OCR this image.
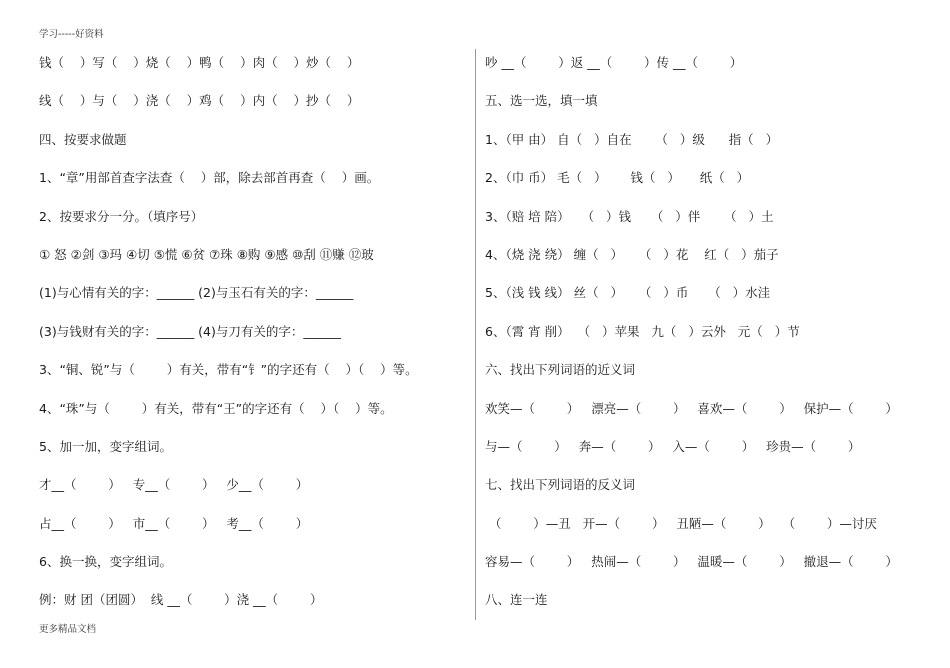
学习-----好资料
钱（    ）写（    ）烧（    ）鸭（    ）肉（    ）炒（    ）
线（    ）与（    ）浇（    ）鸡（    ）内（    ）抄（    ）
四、按要求做题
1、“章”用部首查字法查（    ）部，除去部首再查（    ）画。
2、按要求分一分。（填序号）
① 怒 ②剑 ③玛 ④切 ⑤慌 ⑥贫 ⑦珠 ⑧购 ⑨感 ⑩刮 ⑪赚 ⑫玻
(1)与心情有关的字：______ (2)与玉石有关的字：______
(3)与钱财有关的字：______ (4)与刀有关的字：______
3、“铜、锐”与（        ）有关，带有“钅”的字还有（    ）（    ）等。
4、“珠”与（        ）有关，带有“王”的字还有（    ）（    ）等。
5、加一加，变字组词。
才__（        ）   专__（        ）   少__（        ）
占__（        ）   市__（        ）   考__（        ）
6、换一换，变字组词。
例：财 团（团圆）  线 __（        ）浇 __（        ）
吵 __（        ）返 __（        ）传 __（        ）
五、选一选，填一填
1、（甲 由） 自（   ）自在      （   ）级      指（   ）
2、（巾 币） 毛（   ）      钱（   ）     纸（   ）
3、（赔 培 陪）   （   ）钱     （   ）伴      （   ）土
4、（烧 浇 绕） 缠（   ）    （   ）花    红（   ）茄子
5、（浅 钱 线） 丝（   ）    （   ）币     （   ）水洼
6、（霄 宵 削）  （   ）苹果   九（   ）云外   元（   ）节
六、找出下列词语的近义词
欢笑—（        ）   漂亮—（        ）   喜欢—（        ）   保护—（        ）
与—（        ）   奔—（        ）   入—（        ）   珍贵—（        ）
七、找出下列词语的反义词
（        ）—丑   开—（        ）   丑陋—（        ）   （        ）—讨厌
容易—（        ）   热闹—（        ）   温暖—（        ）   撤退—（        ）
八、连一连
更多精品文档
